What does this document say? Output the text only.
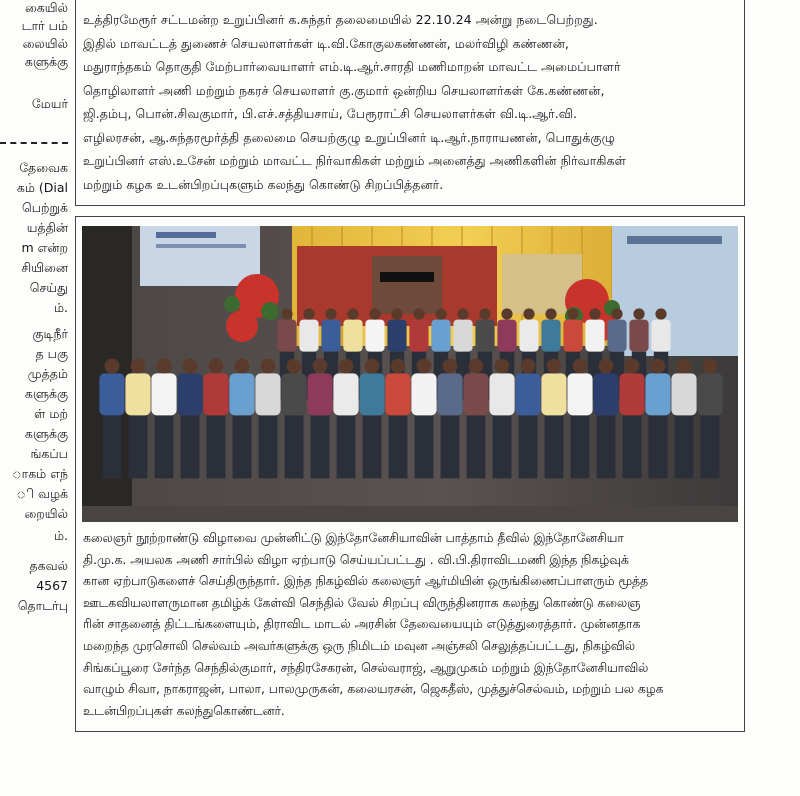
கையில்
டார் பம்
லையில்
களுக்கு
மேயர்
தேவைக
கம் (Dial
பெற்றுக்
யத்தின்
m என்ற
சியினை
செய்து
ம்.
குடிநீர்
த பகு
முத்தம்
களுக்கு
ள் மற்
களுக்கு
ங்கப்ப
ாகம் எந்
ி வழக்
றையில்
ம்.
தகவல்
4567
தொடர்பு
உத்திரமேரூர் சட்டமன்ற உறுப்பினர் க.சுந்தர் தலைமையில் 22.10.24 அன்று நடைபெற்றது.
இதில் மாவட்டத் துணைச் செயலாளர்கள் டி.வி.கோகுலகண்ணன், மலர்விழி கண்ணன்,
மதுராந்தகம் தொகுதி மேற்பார்வையாளர் எம்.டி.ஆர்.சாரதி மணிமாறன் மாவட்ட அமைப்பாளர்
தொழிலாளர் அணி மற்றும் நகரச் செயலாளர் கு.குமார் ஒன்றிய செயலாளர்கள் கே.கண்ணன்,
ஜி.தம்பு, பொன்.சிவகுமார், பி.எச்.சத்தியசாய், பேரூராட்சி செயலாளர்கள் வி.டி.ஆர்.வி.
எழிலரசன், ஆ.சுந்தரமூர்த்தி தலைமை செயற்குழு உறுப்பினர் டி.ஆர்.நாராயணன், பொதுக்குழு
உறுப்பினர் எஸ்.உசேன் மற்றும் மாவட்ட நிர்வாகிகள் மற்றும் அனைத்து அணிகளின் நிர்வாகிகள்
மற்றும் கழக உடன்பிறப்புகளும் கலந்து கொண்டு சிறப்பித்தனர்.
கலைஞர் நூற்றாண்டு விழாவை முன்னிட்டு இந்தோனேசியாவின் பாத்தாம் தீவில் இந்தோனேசியா
தி.மு.க. அயலக அணி சார்பில் விழா ஏற்பாடு செய்யப்பட்டது . வி.பி.திராவிடமணி இந்த நிகழ்வுக்
கான ஏற்பாடுகளைச் செய்திருந்தார். இந்த நிகழ்வில் கலைஞர் ஆர்மியின் ஒருங்கிணைப்பாளரும் மூத்த
ஊடகவியலாளருமான தமிழ்க் கேள்வி செந்தில் வேல் சிறப்பு விருந்தினராக கலந்து கொண்டு கலைஞ
ரின் சாதனைத் திட்டங்களையும், திராவிட மாடல் அரசின் தேவையையும் எடுத்துரைத்தார். முன்னதாக
மறைந்த முரசொலி செல்வம் அவர்களுக்கு ஒரு நிமிடம் மவுன அஞ்சலி செலுத்தப்பட்டது, நிகழ்வில்
சிங்கப்பூரை சேர்ந்த செந்தில்குமார், சந்திரசேகரன், செல்வராஜ், ஆறுமுகம் மற்றும் இந்தோனேசியாவில்
வாழும் சிவா, நாகராஜன், பாலா, பாலமுருகன், கலையரசன், ஜெகதீஸ், முத்துச்செல்வம், மற்றும் பல கழக
உடன்பிறப்புகள் கலந்துகொண்டனர்.
